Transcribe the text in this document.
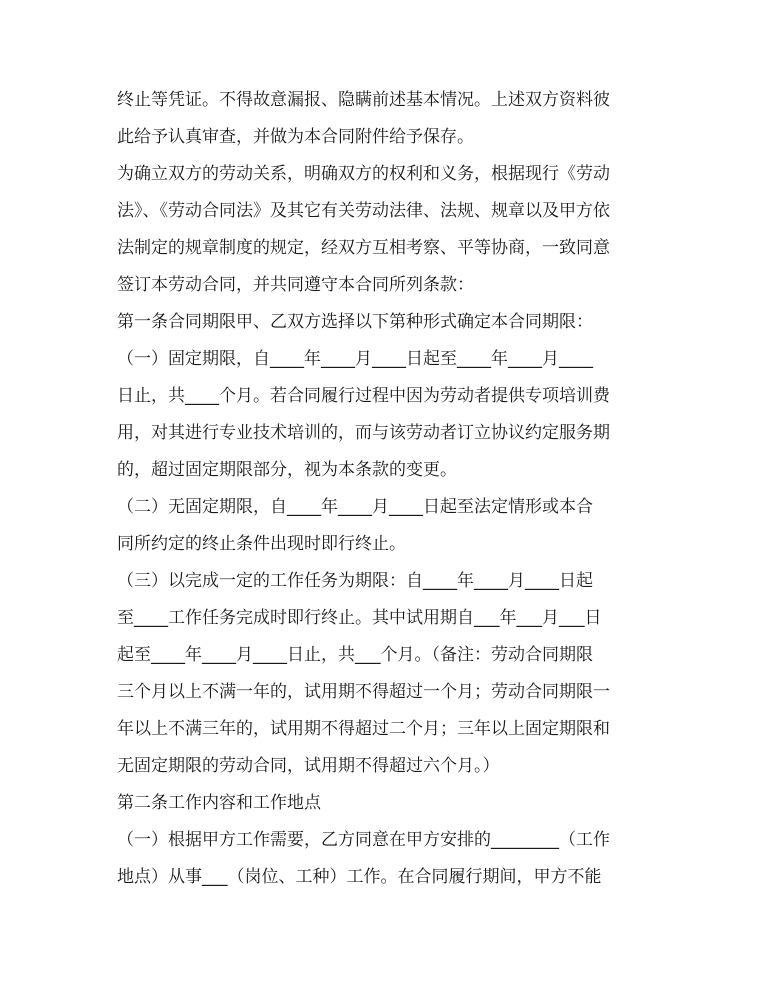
终止等凭证。不得故意漏报、隐瞒前述基本情况。上述双方资料彼
此给予认真审查，并做为本合同附件给予保存。
为确立双方的劳动关系，明确双方的权利和义务，根据现行《劳动
法》、《劳动合同法》及其它有关劳动法律、法规、规章以及甲方依
法制定的规章制度的规定，经双方互相考察、平等协商，一致同意
签订本劳动合同，并共同遵守本合同所列条款：
第一条合同期限甲、乙双方选择以下第种形式确定本合同期限：
（一）固定期限，自____年____月____日起至____年____月____
日止，共____个月。若合同履行过程中因为劳动者提供专项培训费
用，对其进行专业技术培训的，而与该劳动者订立协议约定服务期
的，超过固定期限部分，视为本条款的变更。
（二）无固定期限，自____年____月____日起至法定情形或本合
同所约定的终止条件出现时即行终止。
（三）以完成一定的工作任务为期限：自____年____月____日起
至____工作任务完成时即行终止。其中试用期自___年___月___日
起至____年____月____日止，共___个月。（备注：劳动合同期限
三个月以上不满一年的，试用期不得超过一个月；劳动合同期限一
年以上不满三年的，试用期不得超过二个月；三年以上固定期限和
无固定期限的劳动合同，试用期不得超过六个月。）
第二条工作内容和工作地点
（一）根据甲方工作需要，乙方同意在甲方安排的________（工作
地点）从事___（岗位、工种）工作。在合同履行期间，甲方不能
